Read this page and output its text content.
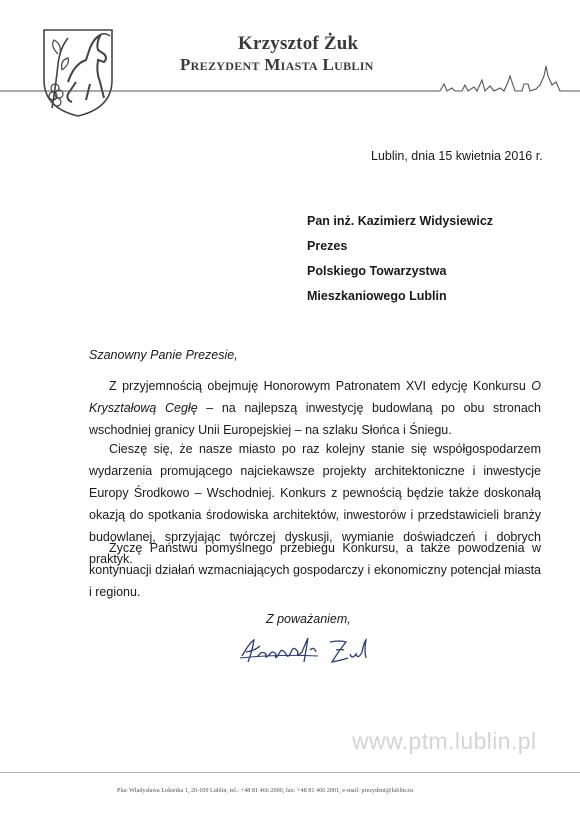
Krzysztof Żuk
Prezydent Miasta Lublin
Lublin, dnia 15 kwietnia 2016 r.
Pan inż. Kazimierz Widysiewicz
Prezes
Polskiego Towarzystwa
Mieszkaniowego Lublin
Szanowny Panie Prezesie,

Z przyjemnością obejmuję Honorowym Patronatem XVI edycję Konkursu O Kryształową Cegłę – na najlepszą inwestycję budowlaną po obu stronach wschodniej granicy Unii Europejskiej – na szlaku Słońca i Śniegu.

Cieszę się, że nasze miasto po raz kolejny stanie się współgospodarzem wydarzenia promującego najciekawsze projekty architektoniczne i inwestycje Europy Środkowo – Wschodniej. Konkurs z pewnością będzie także doskonałą okazją do spotkania środowiska architektów, inwestorów i przedstawicieli branży budowlanej, sprzyjając twórczej dyskusji, wymianie doświadczeń i dobrych praktyk.

Życzę Państwu pomyślnego przebiegu Konkursu, a także powodzenia w kontynuacji działań wzmacniających gospodarczy i ekonomiczny potencjał miasta i regionu.

Z poważaniem,
www.ptm.lublin.pl
Plac Władysława Łokietka 1, 20-109 Lublin, tel.: +48 81 466 2000, fax: +48 81 466 2001, e-mail: prezydent@lublin.eu
